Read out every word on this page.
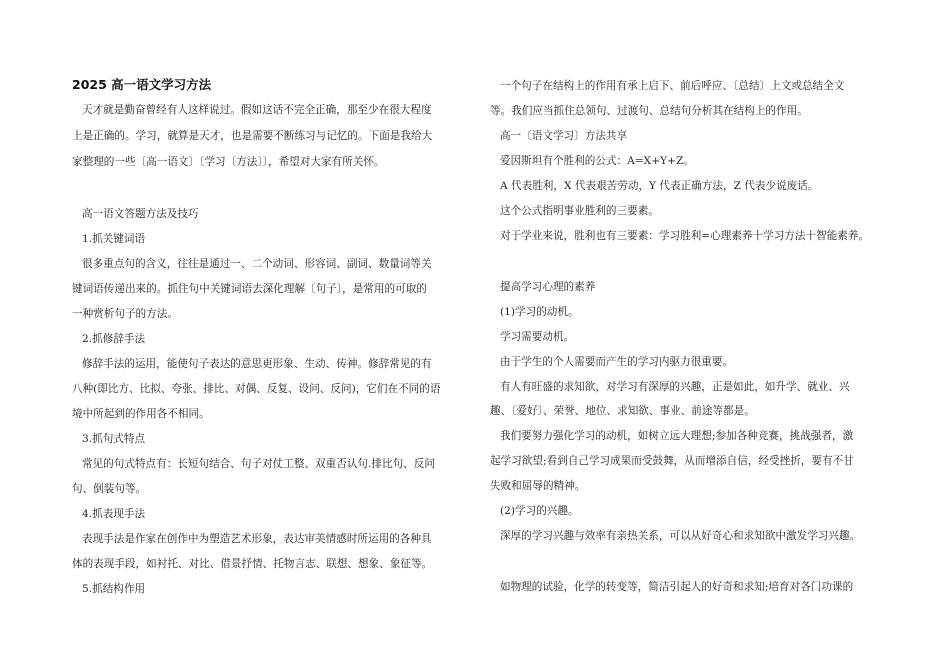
2025 高一语文学习方法
天才就是勤奋曾经有人这样说过。假如这话不完全正确，那至少在很大程度
上是正确的。学习，就算是天才，也是需要不断练习与记忆的。下面是我给大
家整理的一些〔高一语文〕〔学习〔方法〕〕，希望对大家有所关怀。
高一语文答题方法及技巧
1.抓关键词语
很多重点句的含义，往往是通过一、二个动词、形容词、副词、数量词等关
键词语传递出来的。抓住句中关键词语去深化理解〔句子〕，是常用的可取的
一种赏析句子的方法。
2.抓修辞手法
修辞手法的运用，能使句子表达的意思更形象、生动、传神。修辞常见的有
八种(即比方、比拟、夸张、排比、对偶、反复、设问、反问)，它们在不同的语
境中所起到的作用各不相同。
3.抓句式特点
常见的句式特点有：长短句结合、句子对仗工整、双重否认句.排比句、反问
句、倒装句等。
4.抓表现手法
表现手法是作家在创作中为塑造艺术形象，表达审美情感时所运用的各种具
体的表现手段，如衬托、对比、借景抒情、托物言志、联想、想象、象征等。
5.抓结构作用
一个句子在结构上的作用有承上启下、前后呼应、〔总结〕上文或总结全文
等。我们应当抓住总领句、过渡句、总结句分析其在结构上的作用。
高一〔语文学习〕方法共享
爱因斯坦有个胜利的公式：A=X+Y+Z。
A 代表胜利，X 代表艰苦劳动，Y 代表正确方法，Z 代表少说废话。
这个公式指明事业胜利的三要素。
对于学业来说，胜利也有三要素：学习胜利=心理素养十学习方法十智能素养。
提高学习心理的素养
(1)学习的动机。
学习需要动机。
由于学生的个人需要而产生的学习内驱力很重要。
有人有旺盛的求知欲，对学习有深厚的兴趣，正是如此，如升学、就业、兴
趣、〔爱好〕、荣誉、地位、求知欲、事业、前途等都是。
我们要努力强化学习的动机，如树立远大理想;参加各种竞赛，挑战强者，激
起学习欲望;看到自己学习成果而受鼓舞，从而增添自信，经受挫折，要有不甘
失败和屈辱的精神。
(2)学习的兴趣。
深厚的学习兴趣与效率有亲热关系，可以从好奇心和求知欲中激发学习兴趣。
如物理的试验，化学的转变等，简洁引起人的好奇和求知;培育对各门功课的
